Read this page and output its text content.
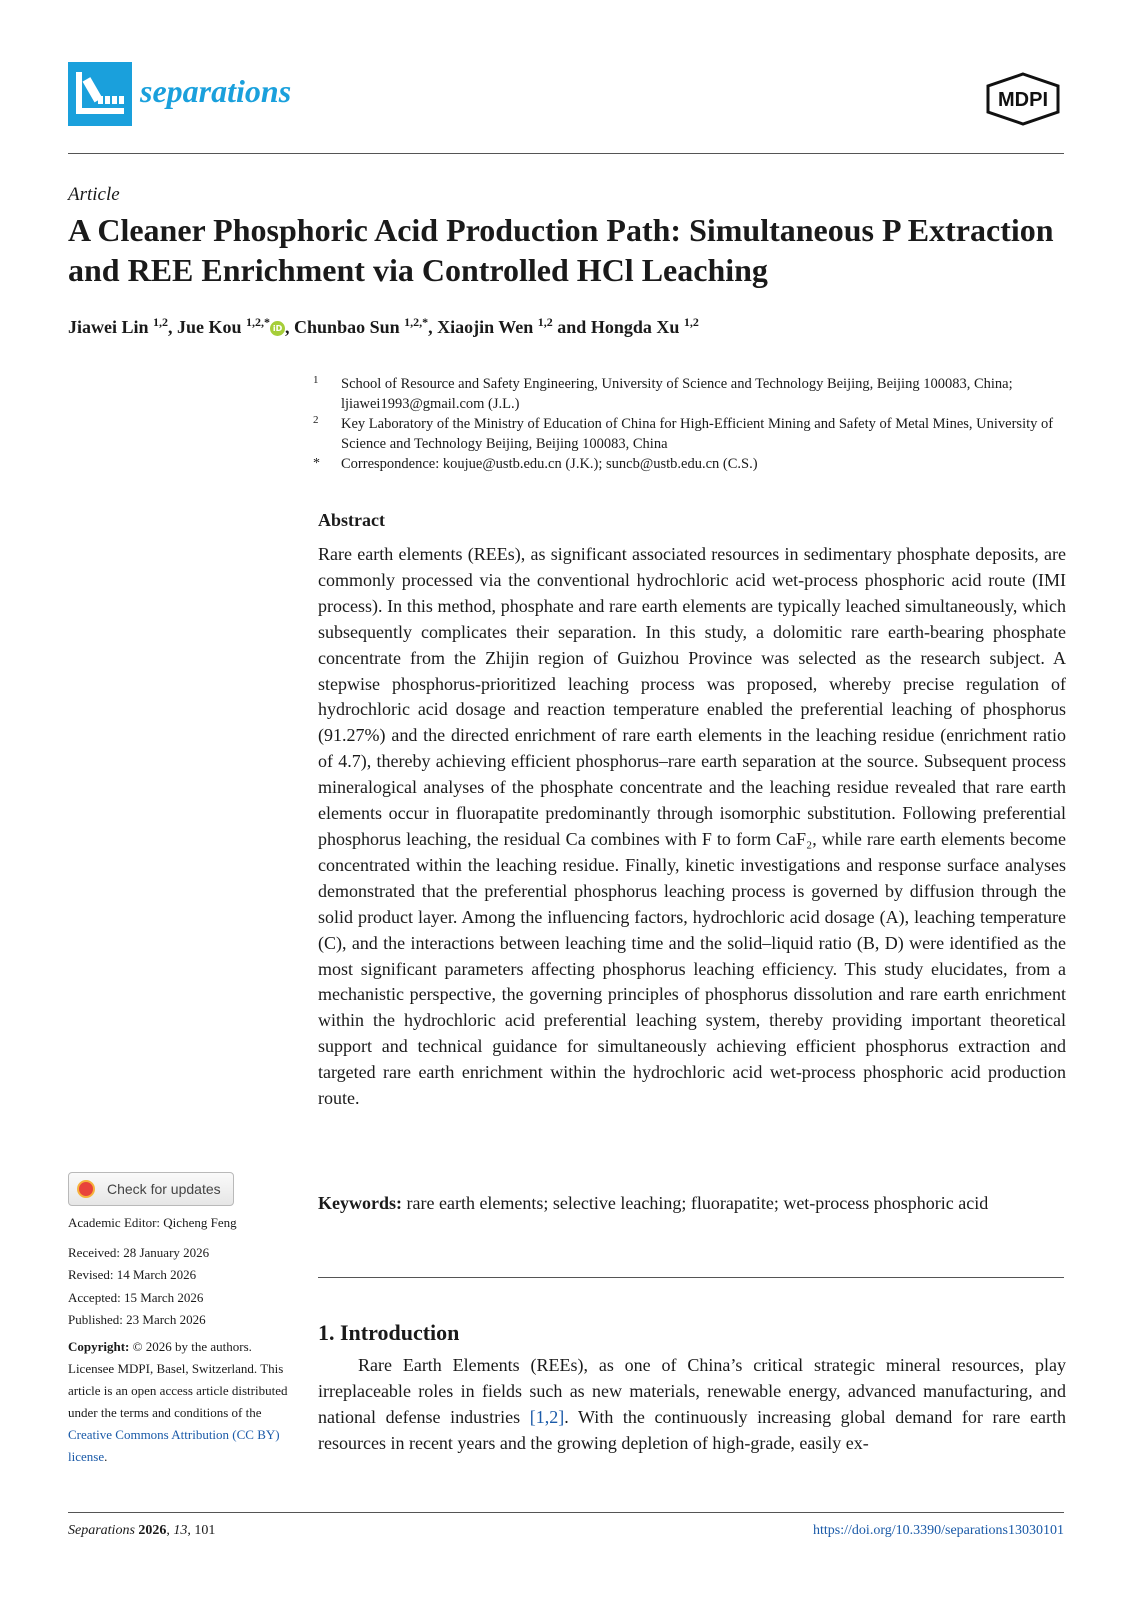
separations	MDPI
Article
A Cleaner Phosphoric Acid Production Path: Simultaneous P Extraction and REE Enrichment via Controlled HCl Leaching
Jiawei Lin $^{1,2}$, Jue Kou $^{1,2,*}$ iD , Chunbao Sun $^{1,2,*}$, Xiaojin Wen $^{1,2}$ and Hongda Xu $^{1,2}$
1	School of Resource and Safety Engineering, University of Science and Technology Beijing, Beijing 100083, China; ljiawei1993@gmail.com (J.L.)
2	Key Laboratory of the Ministry of Education of China for High-Efficient Mining and Safety of Metal Mines, University of Science and Technology Beijing, Beijing 100083, China
*	Correspondence: koujue@ustb.edu.cn (J.K.); suncb@ustb.edu.cn (C.S.)
Abstract
Rare earth elements (REEs), as significant associated resources in sedimentary phosphate deposits, are commonly processed via the conventional hydrochloric acid wet-process phosphoric acid route (IMI process). In this method, phosphate and rare earth elements are typically leached simultaneously, which subsequently complicates their separation. In this study, a dolomitic rare earth-bearing phosphate concentrate from the Zhijin region of Guizhou Province was selected as the research subject. A stepwise phosphorus-prioritized leaching process was proposed, whereby precise regulation of hydrochloric acid dosage and reaction temperature enabled the preferential leaching of phosphorus (91.27%) and the directed enrichment of rare earth elements in the leaching residue (enrichment ratio of 4.7), thereby achieving efficient phosphorus–rare earth separation at the source. Subsequent process mineralogical analyses of the phosphate concentrate and the leaching residue revealed that rare earth elements occur in fluorapatite predominantly through isomorphic substitution. Following preferential phosphorus leaching, the residual Ca combines with F to form CaF₂, while rare earth elements become concentrated within the leaching residue. Finally, kinetic investigations and response surface analyses demonstrated that the preferential phosphorus leaching process is governed by diffusion through the solid product layer. Among the influencing factors, hydrochloric acid dosage (A), leaching temperature (C), and the interactions between leaching time and the solid–liquid ratio (B, D) were identified as the most significant parameters affecting phosphorus leaching efficiency. This study elucidates, from a mechanistic perspective, the governing principles of phosphorus dissolution and rare earth enrichment within the hydrochloric acid preferential leaching system, thereby providing important theoretical support and technical guidance for simultaneously achieving efficient phosphorus extraction and targeted rare earth enrichment within the hydrochloric acid wet-process phosphoric acid production route.
Keywords: rare earth elements; selective leaching; fluorapatite; wet-process phosphoric acid
1. Introduction
Rare Earth Elements (REEs), as one of China’s critical strategic mineral resources, play irreplaceable roles in fields such as new materials, renewable energy, advanced manufacturing, and national defense industries [1,2]. With the continuously increasing global demand for rare earth resources in recent years and the growing depletion of high-grade, easily ex-
Check for updates
Academic Editor: Qicheng Feng
Received: 28 January 2026
Revised: 14 March 2026
Accepted: 15 March 2026
Published: 23 March 2026
Copyright: © 2026 by the authors. Licensee MDPI, Basel, Switzerland. This article is an open access article distributed under the terms and conditions of the Creative Commons Attribution (CC BY) license.
Separations 2026, 13, 101	https://doi.org/10.3390/separations13030101
